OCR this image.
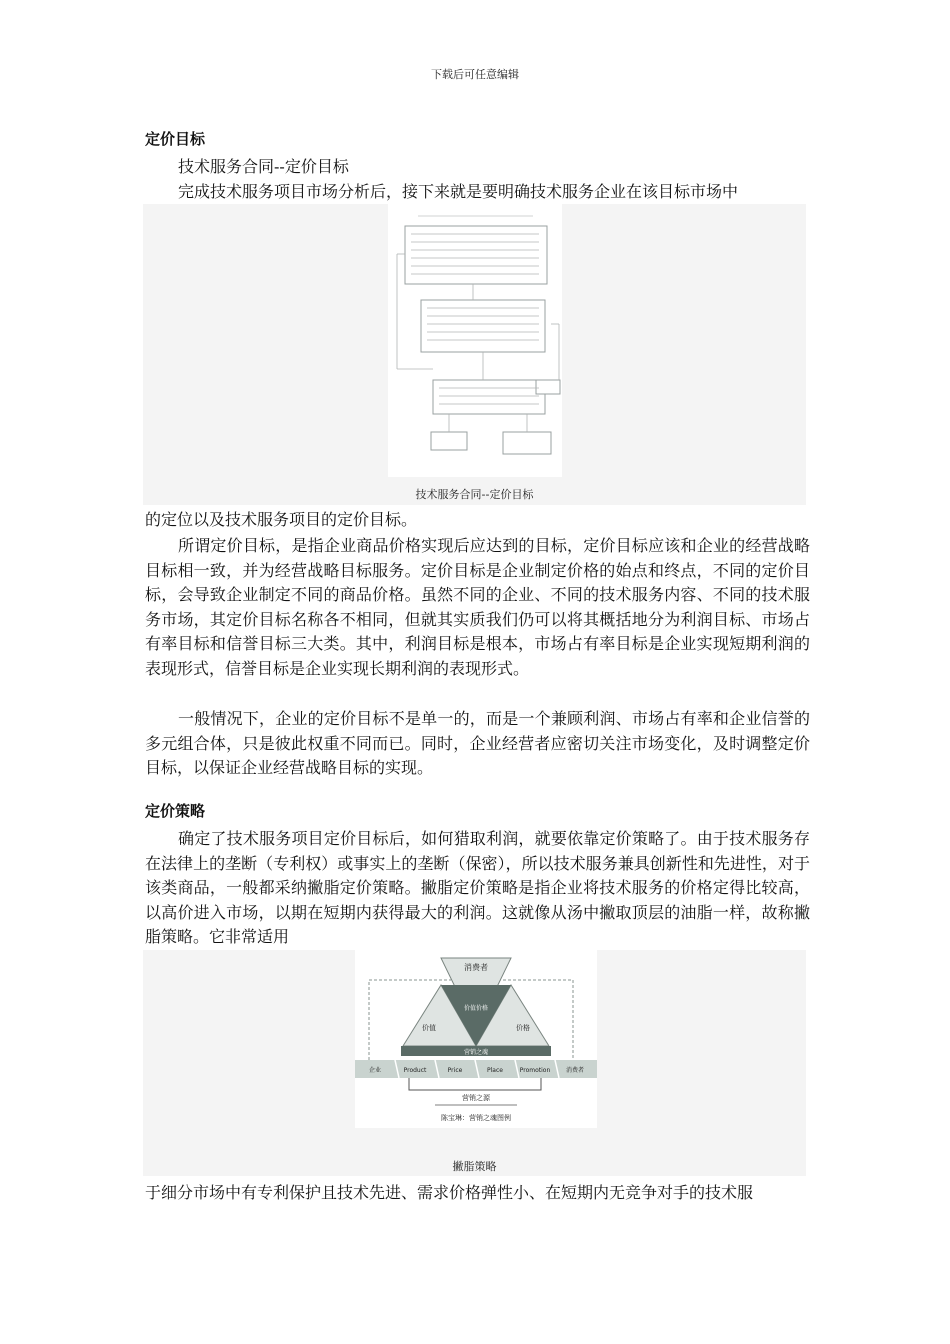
下载后可任意编辑
定价目标
技术服务合同--定价目标
完成技术服务项目市场分析后，接下来就是要明确技术服务企业在该目标市场中
技术服务合同--定价目标
的定位以及技术服务项目的定价目标。
所谓定价目标，是指企业商品价格实现后应达到的目标，定价目标应该和企业的经营战略目标相一致，并为经营战略目标服务。定价目标是企业制定价格的始点和终点，不同的定价目标，会导致企业制定不同的商品价格。虽然不同的企业、不同的技术服务内容、不同的技术服务市场，其定价目标名称各不相同，但就其实质我们仍可以将其概括地分为利润目标、市场占有率目标和信誉目标三大类。其中，利润目标是根本，市场占有率目标是企业实现短期利润的表现形式，信誉目标是企业实现长期利润的表现形式。
一般情况下，企业的定价目标不是单一的，而是一个兼顾利润、市场占有率和企业信誉的多元组合体，只是彼此权重不同而已。同时，企业经营者应密切关注市场变化，及时调整定价目标，以保证企业经营战略目标的实现。
定价策略
确定了技术服务项目定价目标后，如何猎取利润，就要依靠定价策略了。由于技术服务存在法律上的垄断（专利权）或事实上的垄断（保密），所以技术服务兼具创新性和先进性，对于该类商品，一般都采纳撇脂定价策略。撇脂定价策略是指企业将技术服务的价格定得比较高，以高价进入市场，以期在短期内获得最大的利润。这就像从汤中撇取顶层的油脂一样，故称撇脂策略。它非常适用
消费者
价值	价格
价值价格
营销之魂
企业	Product	Price	Place	Promotion	消费者
营销之源
陈宝琳：营销之魂图例
撇脂策略
于细分市场中有专利保护且技术先进、需求价格弹性小、在短期内无竞争对手的技术服
